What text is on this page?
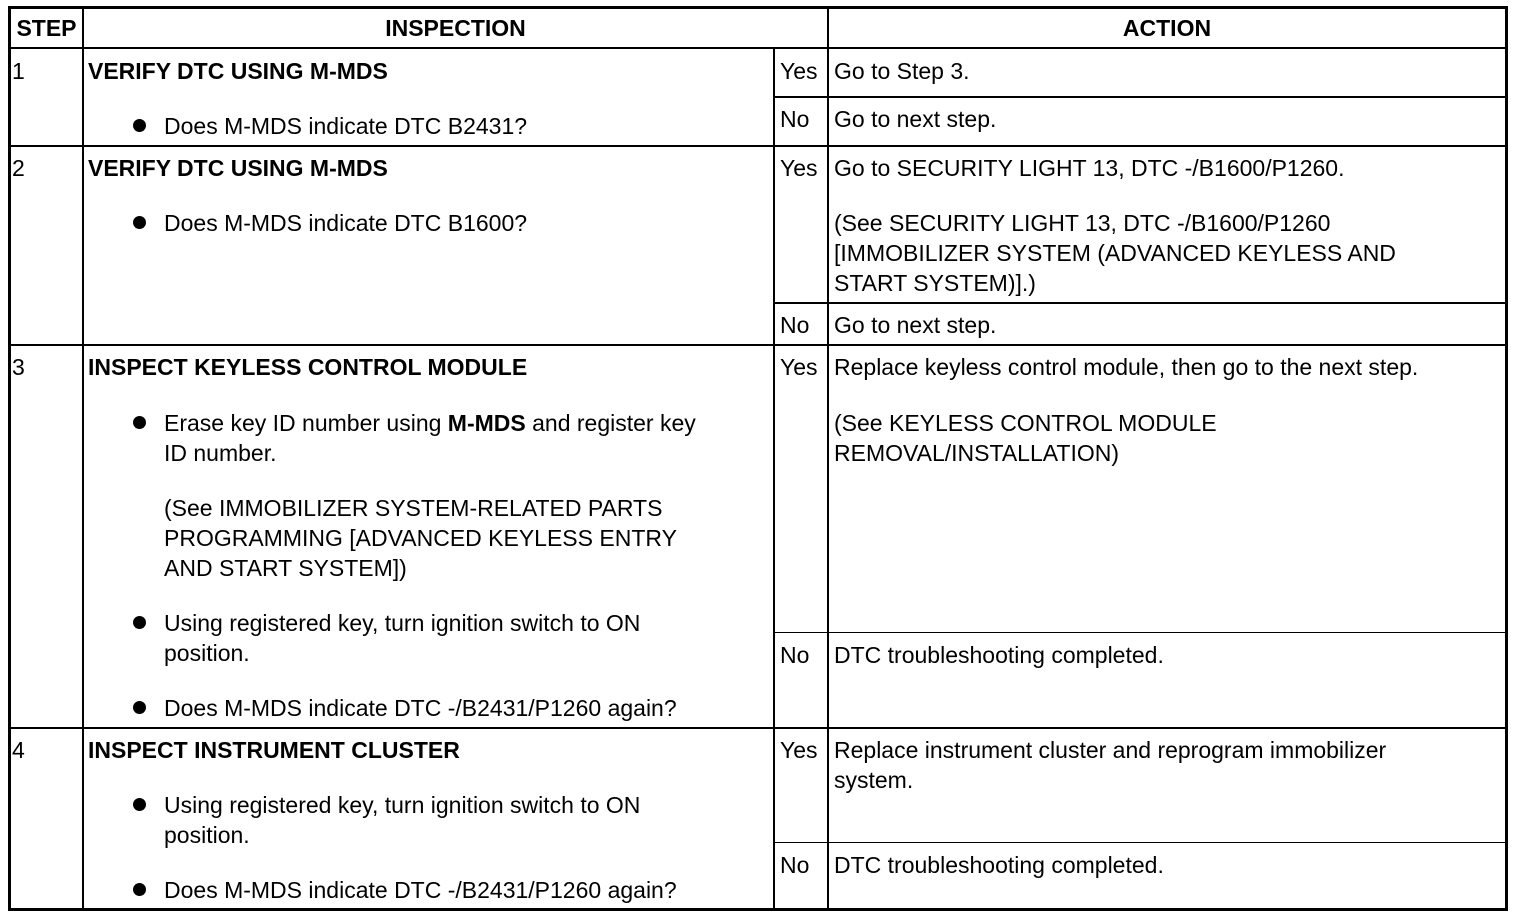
STEP	INSPECTION	ACTION
1	VERIFY DTC USING M-MDS
Does M-MDS indicate DTC B2431?
Yes Go to Step 3.
No Go to next step.
2	VERIFY DTC USING M-MDS
Does M-MDS indicate DTC B1600?
Yes Go to SECURITY LIGHT 13, DTC -/B1600/P1260.
(See SECURITY LIGHT 13, DTC -/B1600/P1260
[IMMOBILIZER SYSTEM (ADVANCED KEYLESS AND
START SYSTEM)].)
No Go to next step.
3	INSPECT KEYLESS CONTROL MODULE
Erase key ID number using M-MDS and register key
ID number.
(See IMMOBILIZER SYSTEM-RELATED PARTS
PROGRAMMING [ADVANCED KEYLESS ENTRY
AND START SYSTEM])
Using registered key, turn ignition switch to ON
position.
Does M-MDS indicate DTC -/B2431/P1260 again?
Yes Replace keyless control module, then go to the next step.
(See KEYLESS CONTROL MODULE
REMOVAL/INSTALLATION)
No DTC troubleshooting completed.
4	INSPECT INSTRUMENT CLUSTER
Using registered key, turn ignition switch to ON
position.
Does M-MDS indicate DTC -/B2431/P1260 again?
Yes Replace instrument cluster and reprogram immobilizer
system.
No DTC troubleshooting completed.
